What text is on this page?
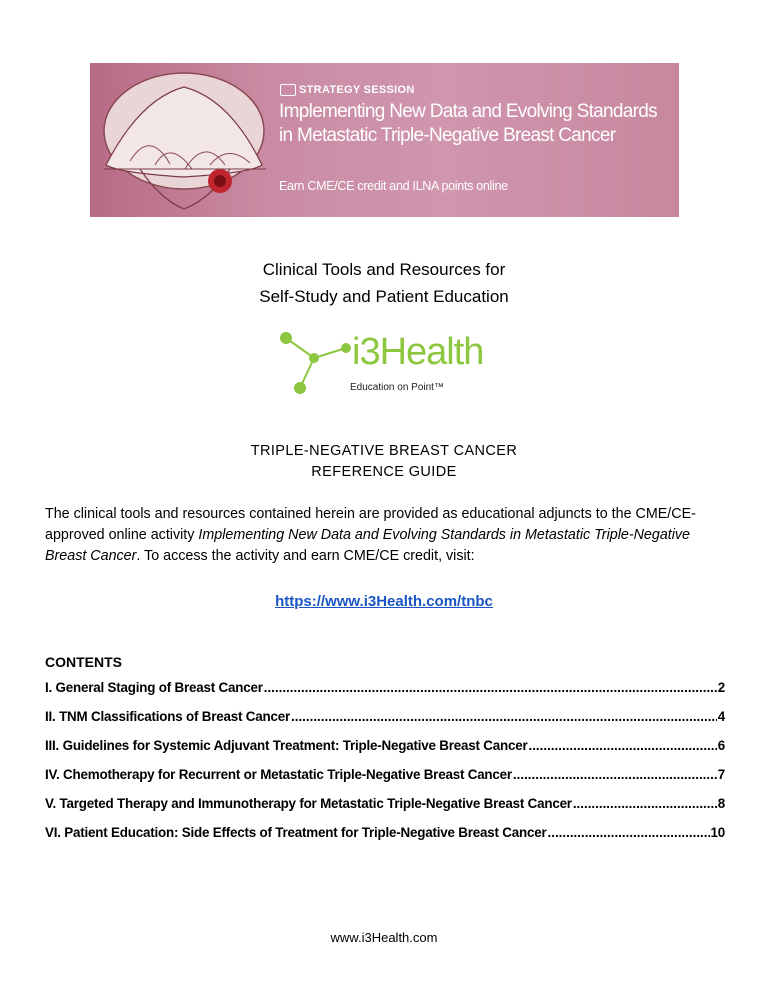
STRATEGY SESSION
Implementing New Data and Evolving Standards
in Metastatic Triple-Negative Breast Cancer
Earn CME/CE credit and ILNA points online
Clinical Tools and Resources for
Self-Study and Patient Education
i3Health
Education on Point™
TRIPLE-NEGATIVE BREAST CANCER
REFERENCE GUIDE
The clinical tools and resources contained herein are provided as educational adjuncts to the CME/CE-approved online activity Implementing New Data and Evolving Standards in Metastatic Triple-Negative Breast Cancer. To access the activity and earn CME/CE credit, visit:
https://www.i3Health.com/tnbc
CONTENTS
I. General Staging of Breast Cancer .....	2
II. TNM Classifications of Breast Cancer .....	4
III. Guidelines for Systemic Adjuvant Treatment: Triple-Negative Breast Cancer .....	6
IV. Chemotherapy for Recurrent or Metastatic Triple-Negative Breast Cancer .....	7
V. Targeted Therapy and Immunotherapy for Metastatic Triple-Negative Breast Cancer .....	8
VI. Patient Education: Side Effects of Treatment for Triple-Negative Breast Cancer .....	10
www.i3Health.com
